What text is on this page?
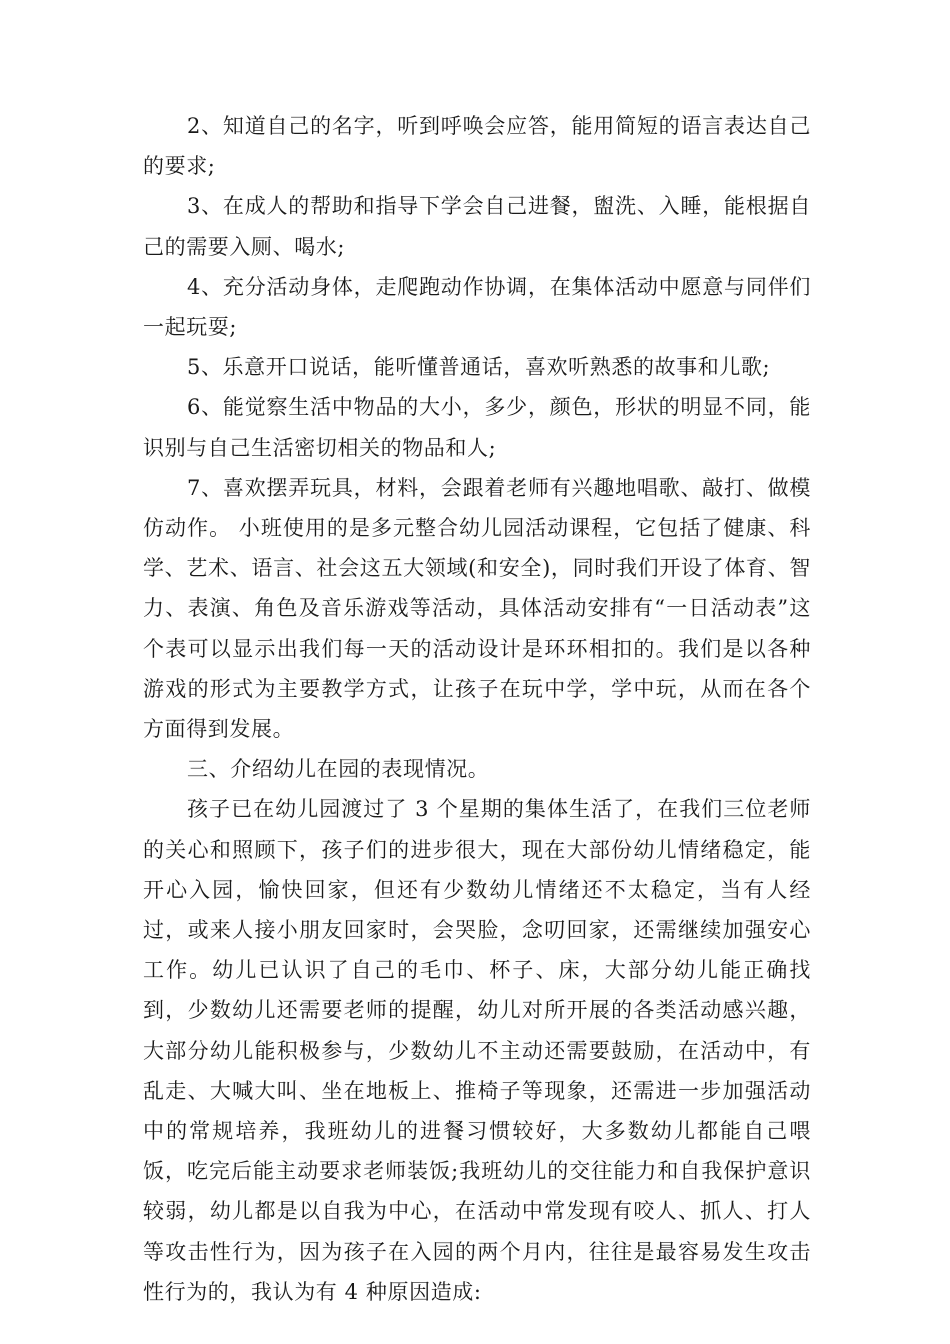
2、知道自己的名字，听到呼唤会应答，能用简短的语言表达自己的要求;

3、在成人的帮助和指导下学会自己进餐，盥洗、入睡，能根据自己的需要入厕、喝水;

4、充分活动身体，走爬跑动作协调，在集体活动中愿意与同伴们一起玩耍;

5、乐意开口说话，能听懂普通话，喜欢听熟悉的故事和儿歌;

6、能觉察生活中物品的大小，多少，颜色，形状的明显不同，能识别与自己生活密切相关的物品和人;

7、喜欢摆弄玩具，材料，会跟着老师有兴趣地唱歌、敲打、做模仿动作。 小班使用的是多元整合幼儿园活动课程，它包括了健康、科学、艺术、语言、社会这五大领域(和安全)，同时我们开设了体育、智力、表演、角色及音乐游戏等活动，具体活动安排有“一日活动表”这个表可以显示出我们每一天的活动设计是环环相扣的。我们是以各种游戏的形式为主要教学方式，让孩子在玩中学，学中玩，从而在各个方面得到发展。

三、介绍幼儿在园的表现情况。

孩子已在幼儿园渡过了 3 个星期的集体生活了，在我们三位老师的关心和照顾下，孩子们的进步很大，现在大部份幼儿情绪稳定，能开心入园，愉快回家，但还有少数幼儿情绪还不太稳定，当有人经过，或来人接小朋友回家时，会哭脸，念叨回家，还需继续加强安心工作。幼儿已认识了自己的毛巾、杯子、床，大部分幼儿能正确找到，少数幼儿还需要老师的提醒，幼儿对所开展的各类活动感兴趣，大部分幼儿能积极参与，少数幼儿不主动还需要鼓励，在活动中，有乱走、大喊大叫、坐在地板上、推椅子等现象，还需进一步加强活动中的常规培养，我班幼儿的进餐习惯较好，大多数幼儿都能自己喂饭，吃完后能主动要求老师装饭;我班幼儿的交往能力和自我保护意识较弱，幼儿都是以自我为中心，在活动中常发现有咬人、抓人、打人等攻击性行为，因为孩子在入园的两个月内，往往是最容易发生攻击性行为的，我认为有 4 种原因造成:
